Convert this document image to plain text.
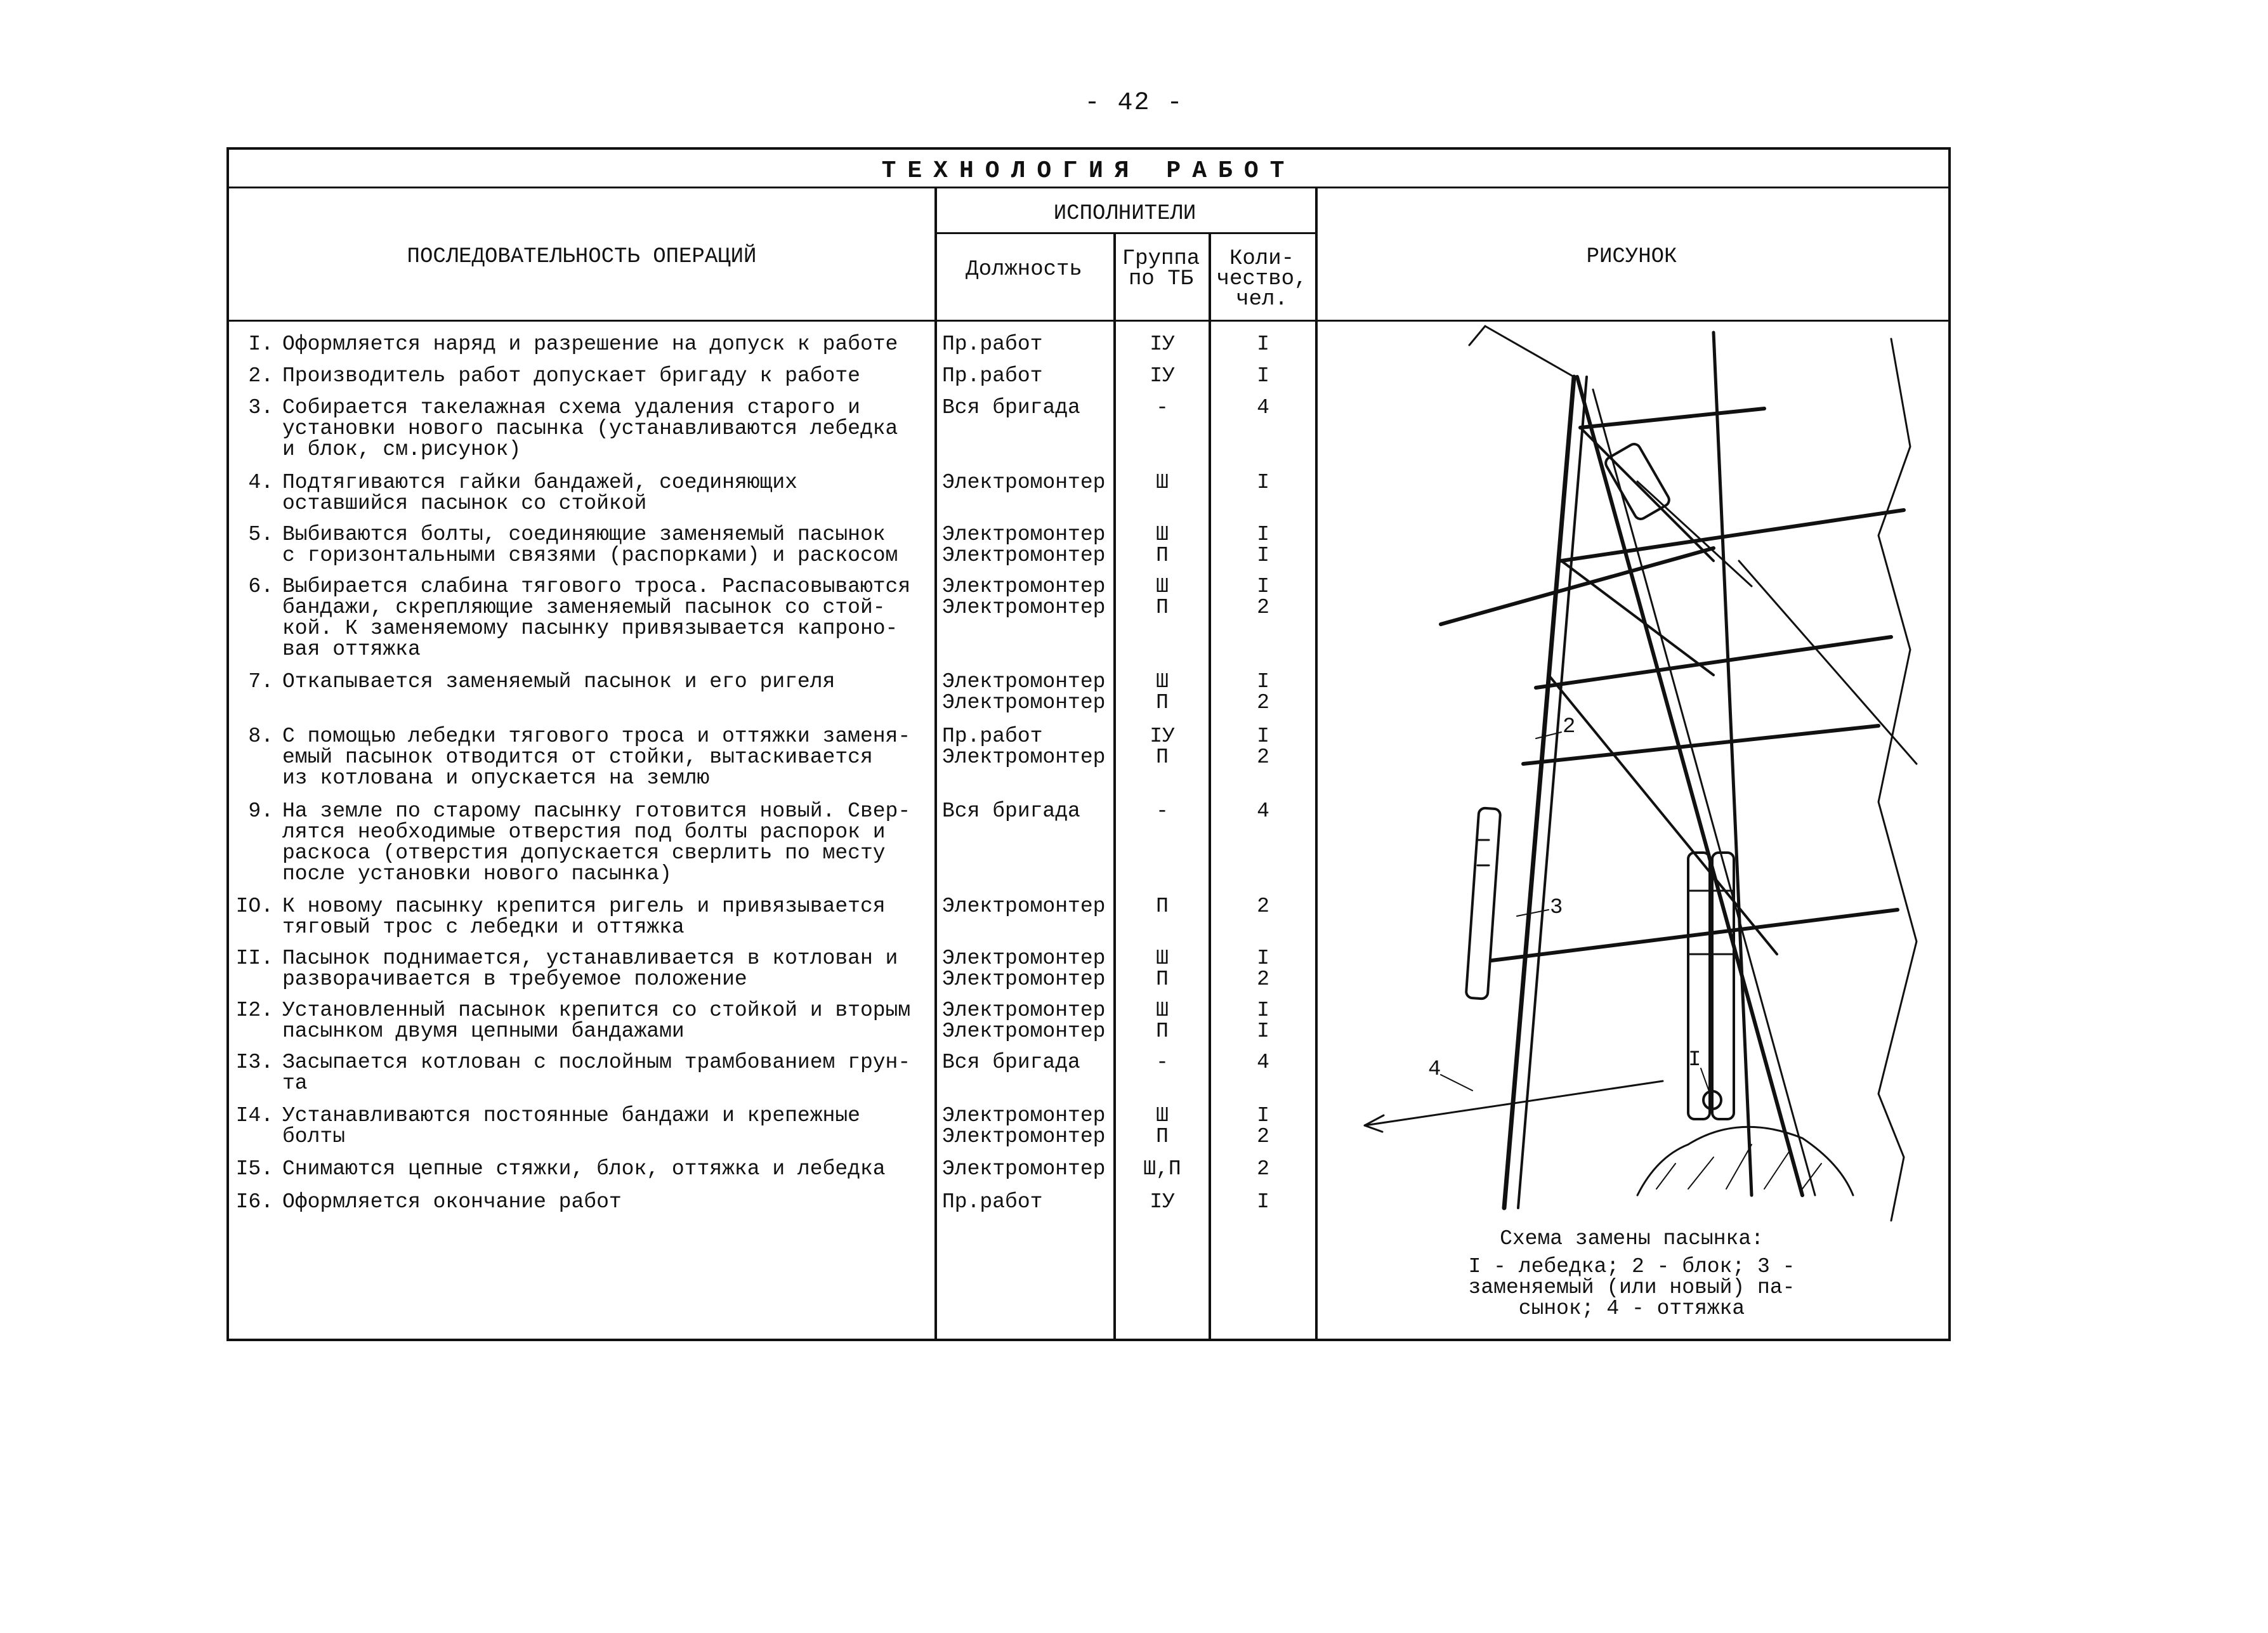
- 42 -
ТЕХНОЛОГИЯ РАБОТ
ПОСЛЕДОВАТЕЛЬНОСТЬ ОПЕРАЦИЙ
ИСПОЛНИТЕЛИ
Должность	Группа
по ТБ
Коли-
чество,
чел.
РИСУНОК
I. Оформляется наряд и разрешение на допуск к работе
2. Производитель работ допускает бригаду к работе
3. Собирается такелажная схема удаления старого и
установки нового пасынка (устанавливаются лебедка
и блок, см.рисунок)
4. Подтягиваются гайки бандажей, соединяющих оставшийся пасынок со стойкой
5. Выбиваются болты, соединяющие заменяемый пасынок
с горизонтальными связями (распорками) и раскосом
6. Выбирается слабина тягового троса. Распасовываются
бандажи, скрепляющие заменяемый пасынок со стой-
кой. К заменяемому пасынку привязывается капроно-
вая оттяжка
7. Откапывается заменяемый пасынок и его ригеля
8. С помощью лебедки тягового троса и оттяжки заменя-
емый пасынок отводится от стойки, вытаскивается
из котлована и опускается на землю
9. На земле по старому пасынку готовится новый. Свер-
лятся необходимые отверстия под болты распорок и
раскоса (отверстия допускается сверлить по месту
после установки нового пасынка)
IO. К новому пасынку крепится ригель и привязывается
тяговый трос с лебедки и оттяжка
II. Пасынок поднимается, устанавливается в котлован и
разворачивается в требуемое положение
I2. Установленный пасынок крепится со стойкой и вторым
пасынком двумя цепными бандажами
I3. Засыпается котлован с послойным трамбованием грун-
та
I4. Устанавливаются постоянные бандажи и крепежные
болты
I5. Снимаются цепные стяжки, блок, оттяжка и лебедка
I6. Оформляется окончание работ
Пр.работ
Пр.работ
Вся бригада
Электромонтер
Электромонтер
Электромонтер
Электромонтер
Электромонтер
Электромонтер
Электромонтер
Пр.работ
Электромонтер
Вся бригада
Электромонтер
Электромонтер
Электромонтер
Электромонтер
Электромонтер
Вся бригада
Электромонтер
Электромонтер
Электромонтер
Пр.работ
IУ
IУ
-
Ш
Ш
П
Ш
П
Ш
П
IУ
П
-
П
Ш
П
Ш
П
-
Ш
П
Ш,П
IУ
I
I
4
I
I
I
I
2
I
2
I
2
4
2
I
2
I
I
4
I
2
2
I
I
2
3
4
Схема замены пасынка:
I - лебедка; 2 - блок; 3 -
заменяемый (или новый) па-
сынок; 4 - оттяжка
